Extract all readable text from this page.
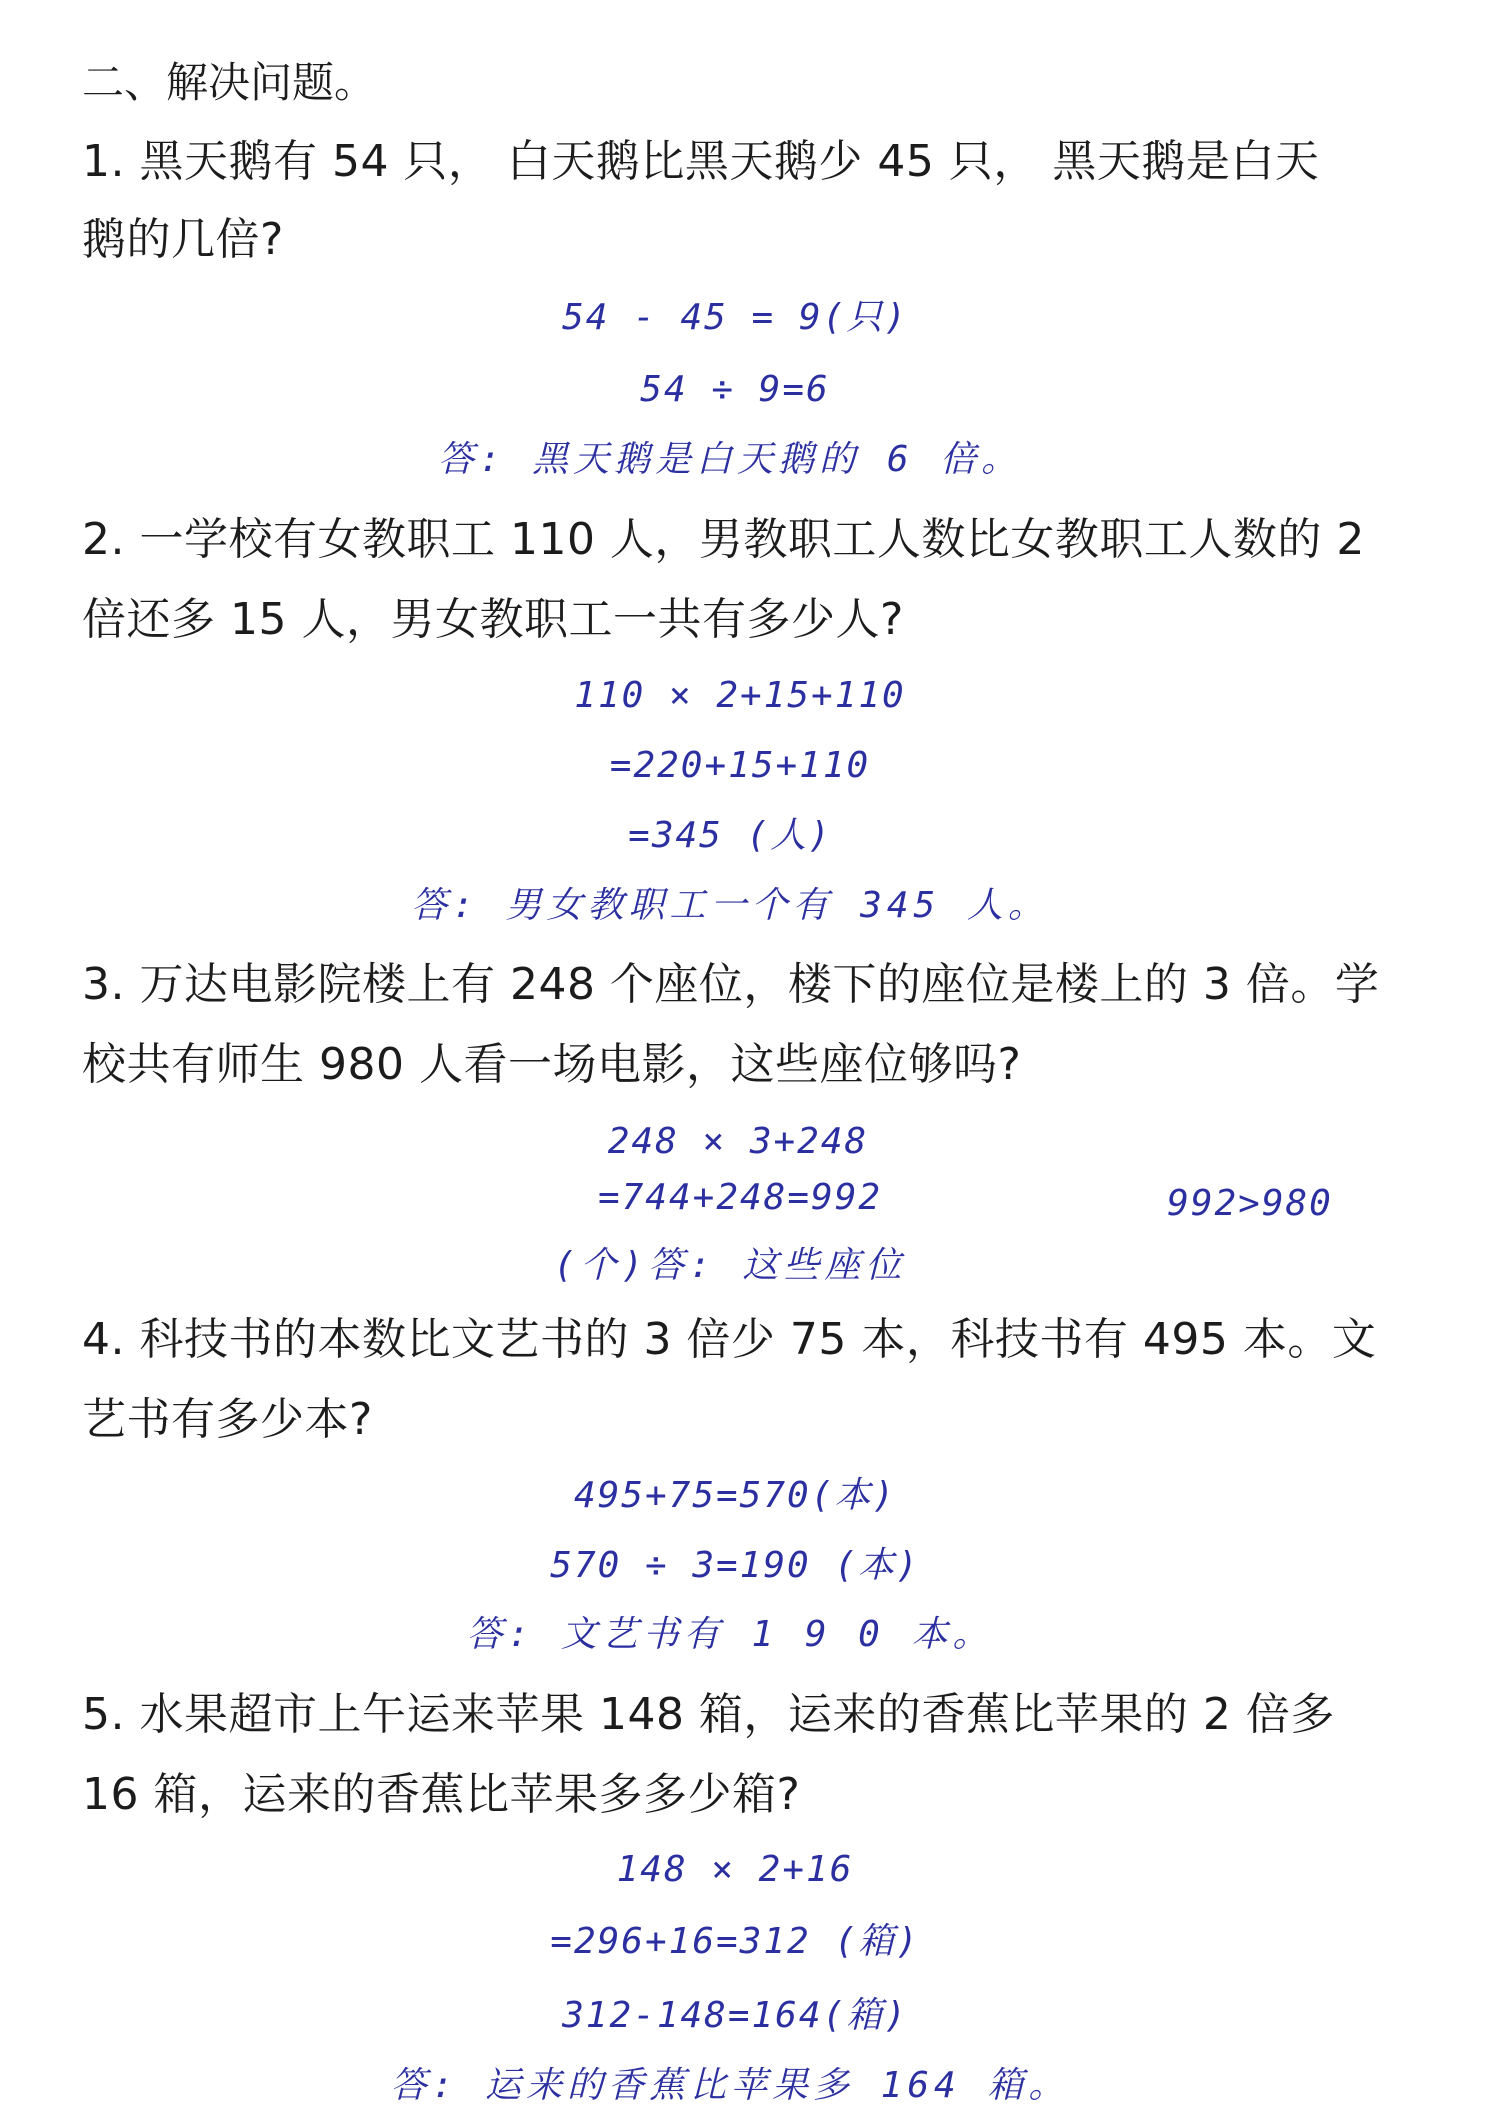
二、解决问题。
1. 黑天鹅有 54 只， 白天鹅比黑天鹅少 45 只， 黑天鹅是白天
鹅的几倍?
54 - 45 = 9(只)
54 ÷ 9=6
答: 黑天鹅是白天鹅的 6 倍。
2. 一学校有女教职工 110 人，男教职工人数比女教职工人数的 2
倍还多 15 人，男女教职工一共有多少人?
110 × 2+15+110
=220+15+110
=345 (人)
答: 男女教职工一个有 345 人。
3. 万达电影院楼上有 248 个座位，楼下的座位是楼上的 3 倍。学
校共有师生 980 人看一场电影，这些座位够吗?
248 × 3+248
=744+248=992	992>980
(个)答: 这些座位
4. 科技书的本数比文艺书的 3 倍少 75 本，科技书有 495 本。文
艺书有多少本?
495+75=570(本)
570 ÷ 3=190 (本)
答: 文艺书有 1 9 0 本。
5. 水果超市上午运来苹果 148 箱，运来的香蕉比苹果的 2 倍多
16 箱，运来的香蕉比苹果多多少箱?
148 × 2+16
=296+16=312 (箱)
312-148=164(箱)
答: 运来的香蕉比苹果多 164 箱。
